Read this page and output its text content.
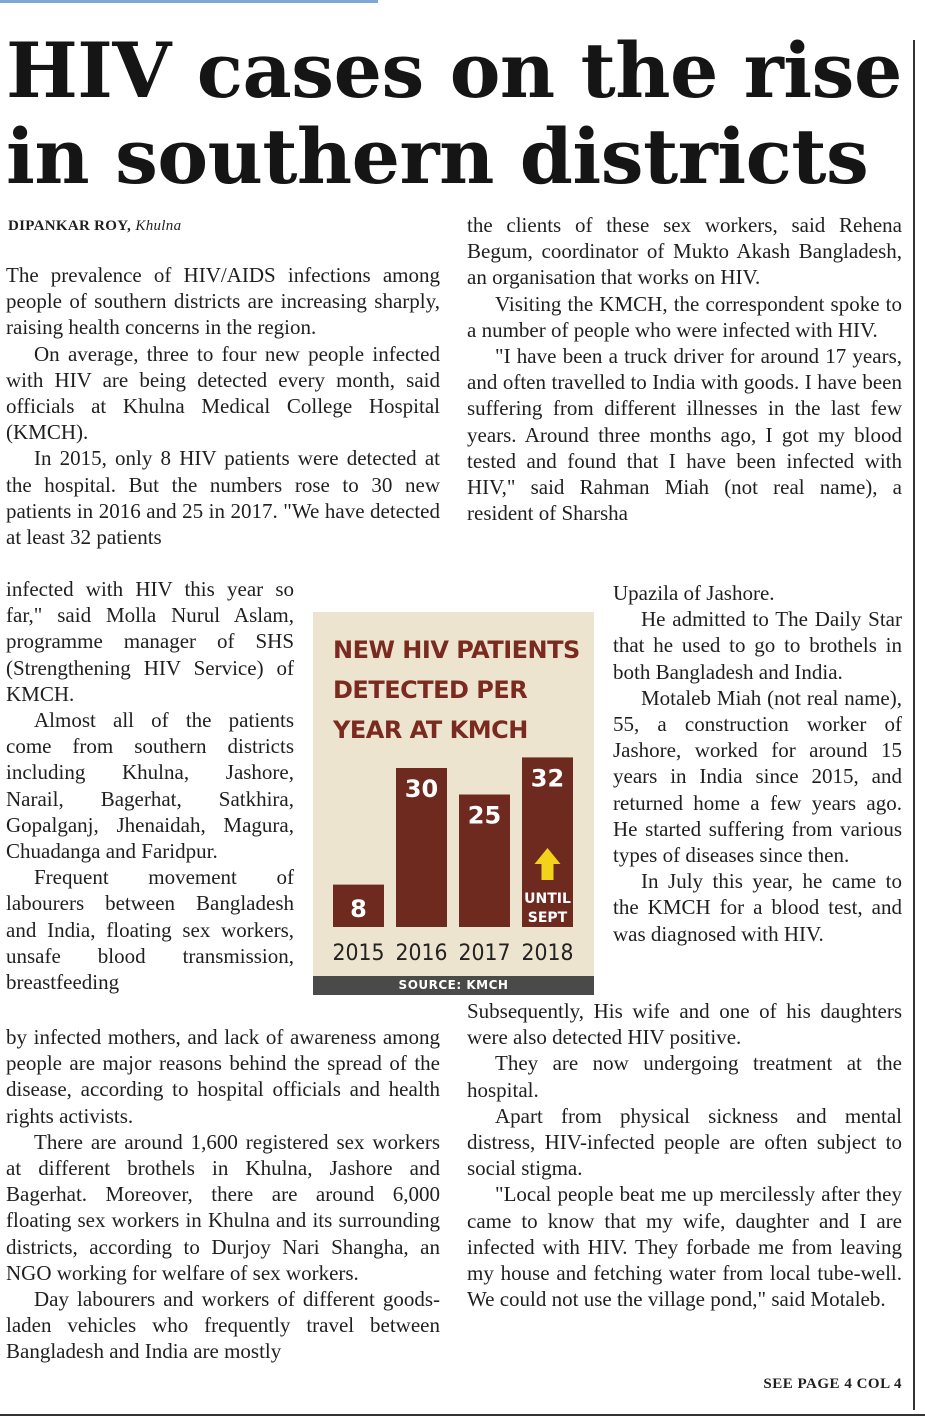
HIV cases on the rise
in southern districts
DIPANKAR ROY, Khulna

The prevalence of HIV/AIDS infections among people of southern districts are increasing sharply, raising health concerns in the region.

On average, three to four new people infected with HIV are being detected every month, said officials at Khulna Medical College Hospital (KMCH).

In 2015, only 8 HIV patients were detected at the hospital. But the numbers rose to 30 new patients in 2016 and 25 in 2017. "We have detected at least 32 patients

infected with HIV this year so far," said Molla Nurul Aslam, programme manager of SHS (Strengthening HIV Service) of KMCH.

Almost all of the patients come from southern districts including Khulna, Jashore, Narail, Bagerhat, Satkhira, Gopalganj, Jhenaidah, Magura, Chuadanga and Faridpur.

Frequent movement of labourers between Bangladesh and India, floating sex workers, unsafe blood transmission, breastfeeding

by infected mothers, and lack of awareness among people are major reasons behind the spread of the disease, according to hospital officials and health rights activists.

There are around 1,600 registered sex workers at different brothels in Khulna, Jashore and Bagerhat. Moreover, there are around 6,000 floating sex workers in Khulna and its surrounding districts, according to Durjoy Nari Shangha, an NGO working for welfare of sex workers.

Day labourers and workers of different goods-laden vehicles who frequently travel between Bangladesh and India are mostly

the clients of these sex workers, said Rehena Begum, coordinator of Mukto Akash Bangladesh, an organisation that works on HIV.

Visiting the KMCH, the correspondent spoke to a number of people who were infected with HIV.

"I have been a truck driver for around 17 years, and often travelled to India with goods. I have been suffering from different illnesses in the last few years. Around three months ago, I got my blood tested and found that I have been infected with HIV," said Rahman Miah (not real name), a resident of Sharsha

Upazila of Jashore.

He admitted to The Daily Star that he used to go to brothels in both Bangladesh and India.

Motaleb Miah (not real name), 55, a construction worker of Jashore, worked for around 15 years in India since 2015, and returned home a few years ago. He started suffering from various types of diseases since then.

In July this year, he came to the KMCH for a blood test, and was diagnosed with HIV.

Subsequently, His wife and one of his daughters were also detected HIV positive.

They are now undergoing treatment at the hospital.

Apart from physical sickness and mental distress, HIV-infected people are often subject to social stigma.

"Local people beat me up mercilessly after they came to know that my wife, daughter and I are infected with HIV. They forbade me from leaving my house and fetching water from local tube-well. We could not use the village pond," said Motaleb.

SEE PAGE 4 COL 4
NEW HIV PATIENTS DETECTED PER YEAR AT KMCH
8
2015
30
2016
25
2017
32
2018
UNTIL
SEPT
SOURCE: KMCH
